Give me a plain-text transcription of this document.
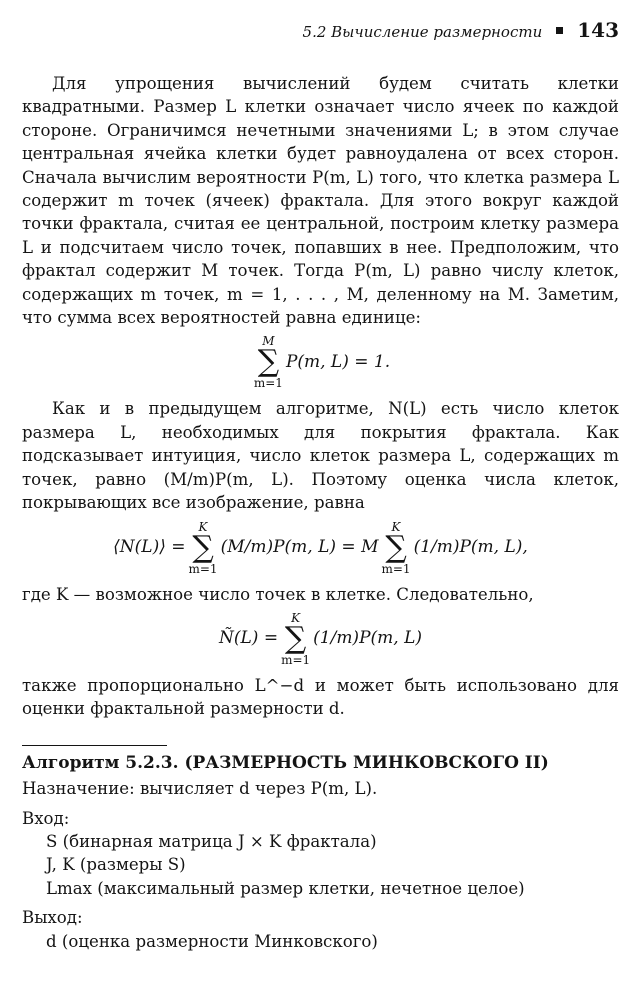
5.2 Вычисление размерности 143

Для упрощения вычислений будем считать клетки квадратными. Размер L клетки означает число ячеек по каждой стороне. Ограничимся нечетными значениями L; в этом случае центральная ячейка клетки будет равноудалена от всех сторон. Сначала вычислим вероятности P(m, L) того, что клетка размера L содержит m точек (ячеек) фрактала. Для этого вокруг каждой точки фрактала, считая ее центральной, построим клетку размера L и подсчитаем число точек, попавших в нее. Предположим, что фрактал содержит M точек. Тогда P(m, L) равно числу клеток, содержащих m точек, m = 1, . . . , M, деленному на M. Заметим, что сумма всех вероятностей равна единице:

M
∑
m=1
P(m, L) = 1.

Как и в предыдущем алгоритме, N(L) есть число клеток размера L, необходимых для покрытия фрактала. Как подсказывает интуиция, число клеток размера L, содержащих m точек, равно (M/m)P(m, L). Поэтому оценка числа клеток, покрывающих все изображение, равна

⟨N(L)⟩ =
K
∑
m=1
(M/m)P(m, L) = M
K
∑
m=1
(1/m)P(m, L),

где K — возможное число точек в клетке. Следовательно,

Ñ(L) =
K
∑
m=1
(1/m)P(m, L)

также пропорционально L^−d и может быть использовано для оценки фрактальной размерности d.

Алгоритм 5.2.3. (РАЗМЕРНОСТЬ МИНКОВСКОГО II)

Назначение: вычисляет d через P(m, L).

Вход:

S (бинарная матрица J × K фрактала)

J, K (размеры S)

Lmax (максимальный размер клетки, нечетное целое)

Выход:

d (оценка размерности Минковского)
